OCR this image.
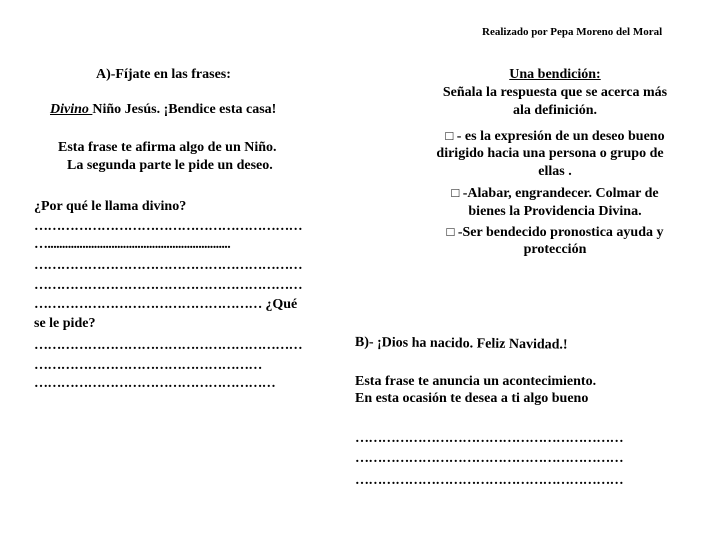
Realizado por Pepa Moreno del Moral
A)-Fíjate en las frases:
Divino Niño Jesús. ¡Bendice esta casa!
Esta frase te afirma algo de un Niño.
La segunda parte le pide un deseo.
¿Por qué le llama divino?
……………………………………………………
…...............................................................
……………………………………………………
……………………………………………………
…………………………………………… ¿Qué
se le pide?
……………………………………………………
……………………………………………
………………………………………………
Una bendición:
Señala la respuesta que se acerca más
ala definición.
□ - es la expresión de un deseo bueno
dirigido hacia una persona o grupo de
ellas .
□ -Alabar, engrandecer. Colmar de
bienes la Providencia Divina.
□ -Ser bendecido pronostica ayuda y
protección
B)- ¡Dios ha nacido. Feliz Navidad.!
Esta frase te anuncia un acontecimiento.
En esta ocasión te desea a ti algo bueno
……………………………………………………
……………………………………………………
……………………………………………………
